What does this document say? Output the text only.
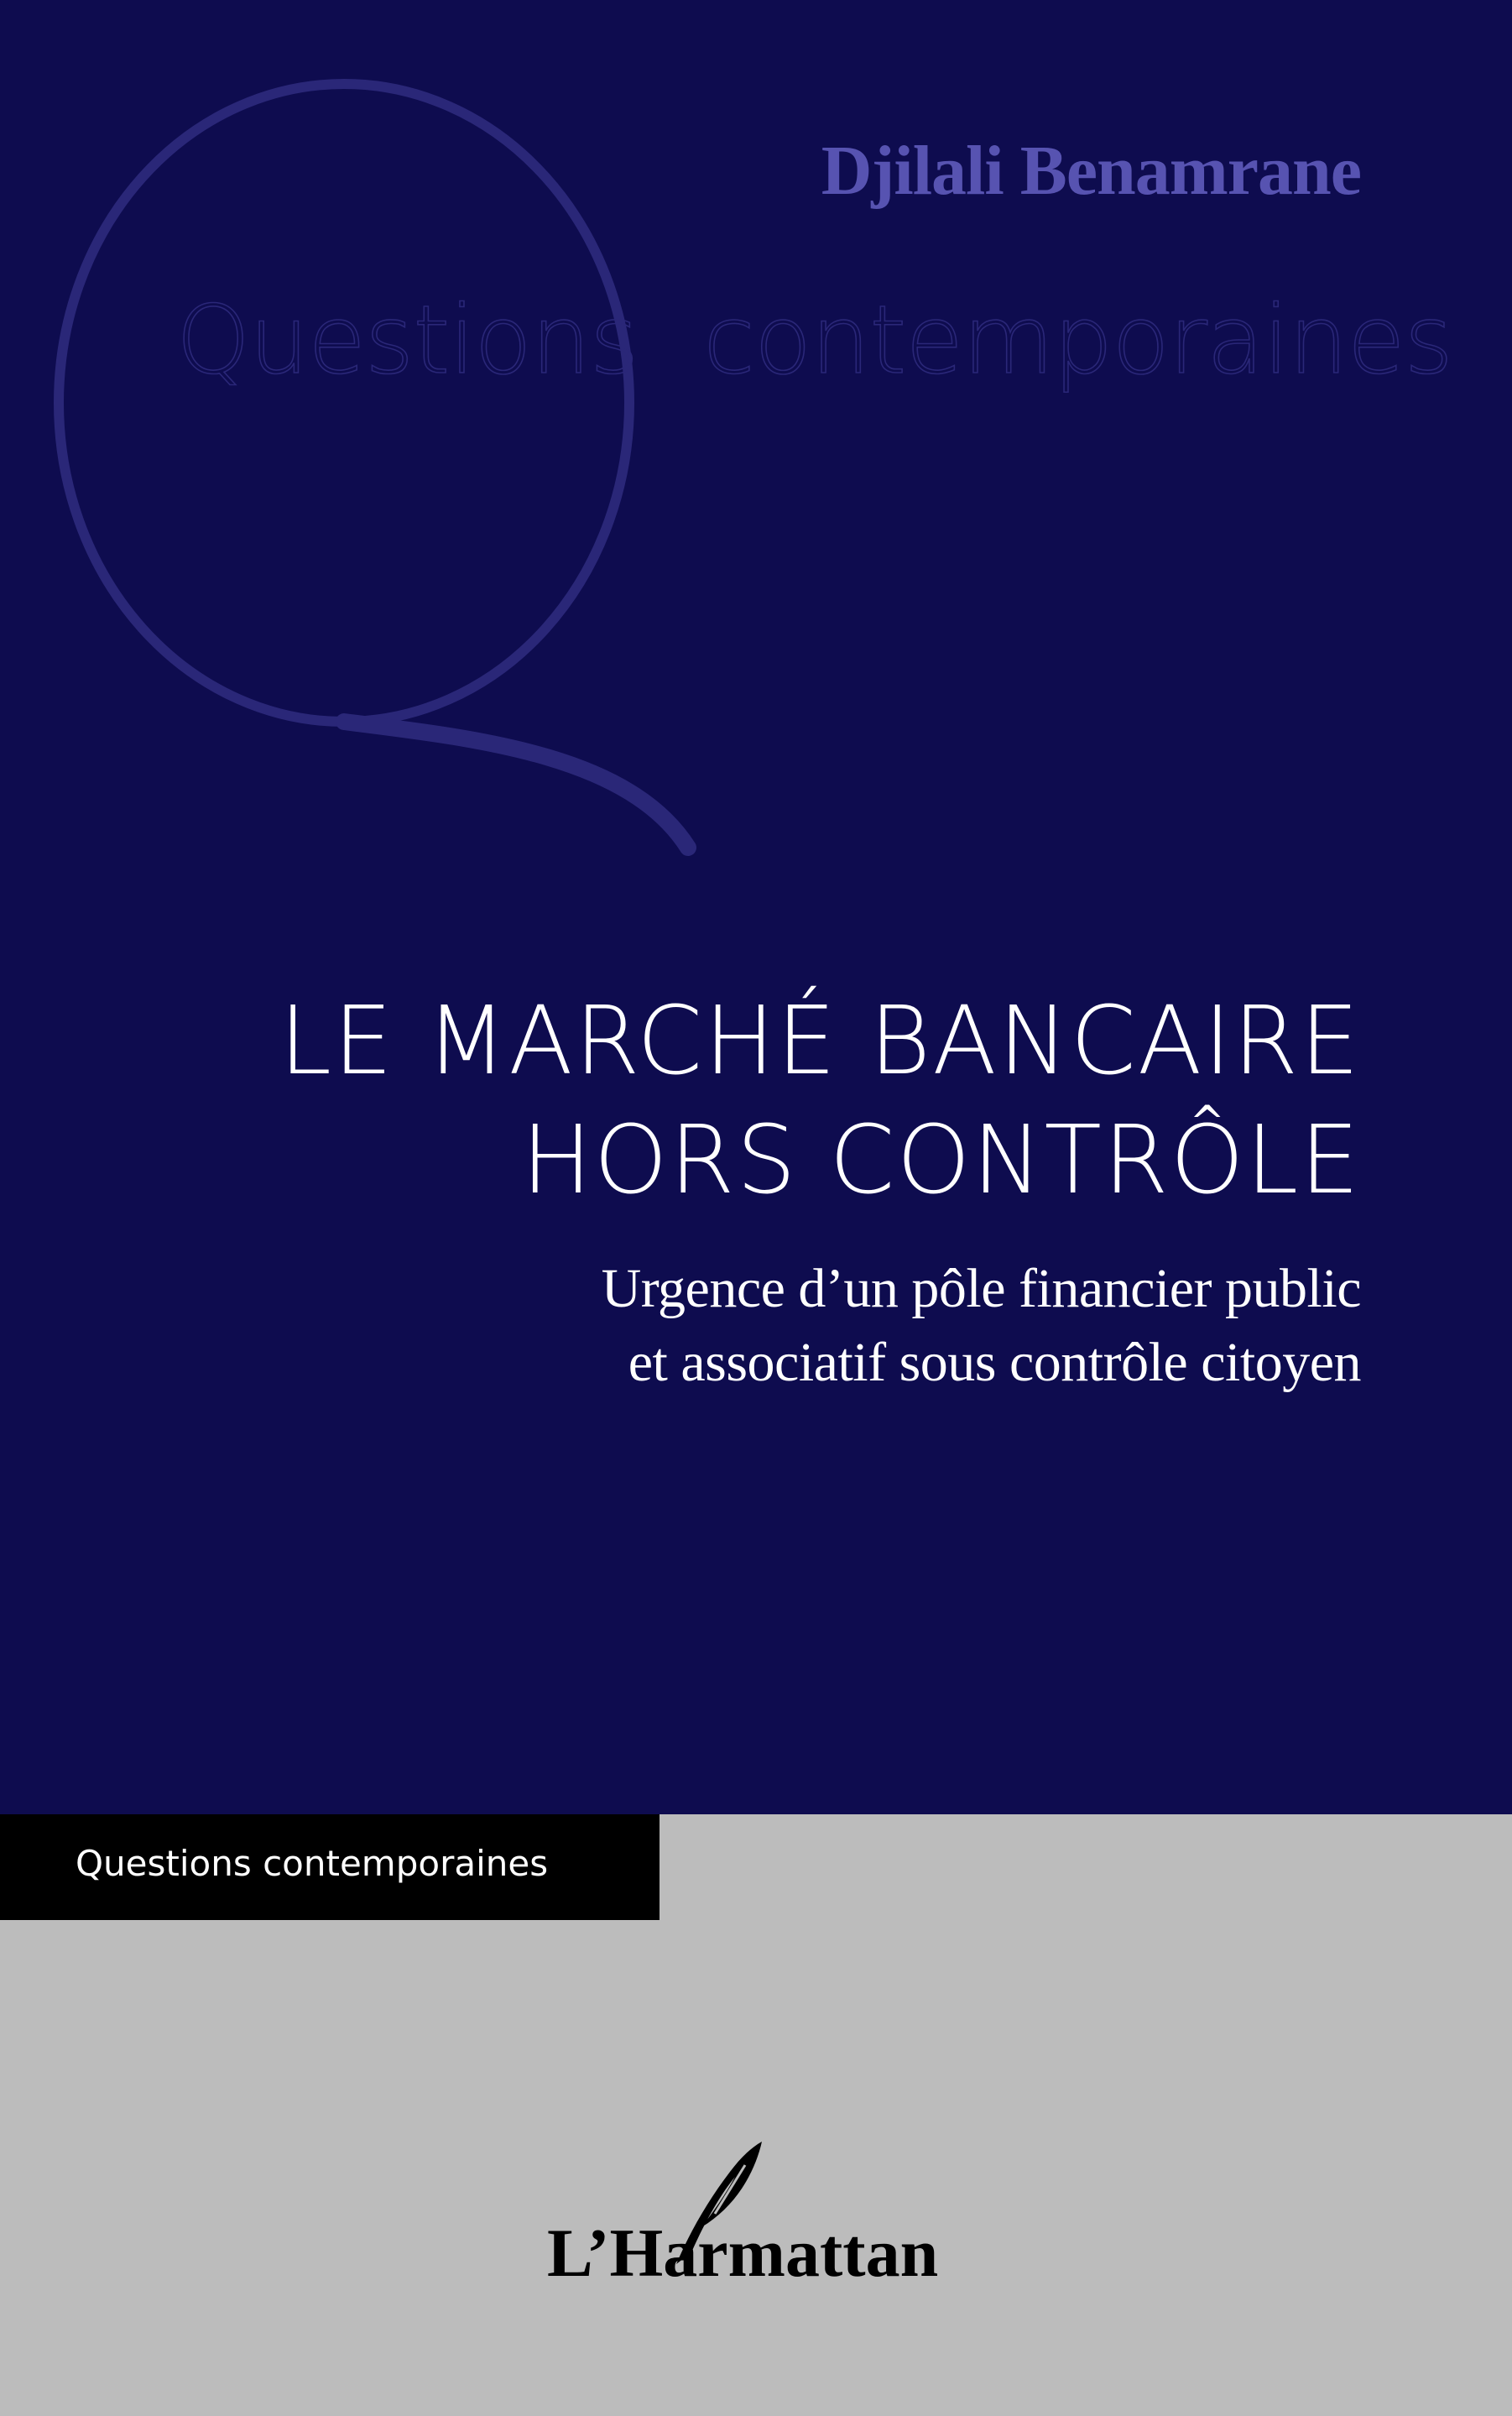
Djilali Benamrane
Questions contemporaines
LE MARCHÉ BANCAIRE
HORS CONTRÔLE
Urgence d’un pôle financier public
et associatif sous contrôle citoyen
Questions contemporaines
L’Harmattan
